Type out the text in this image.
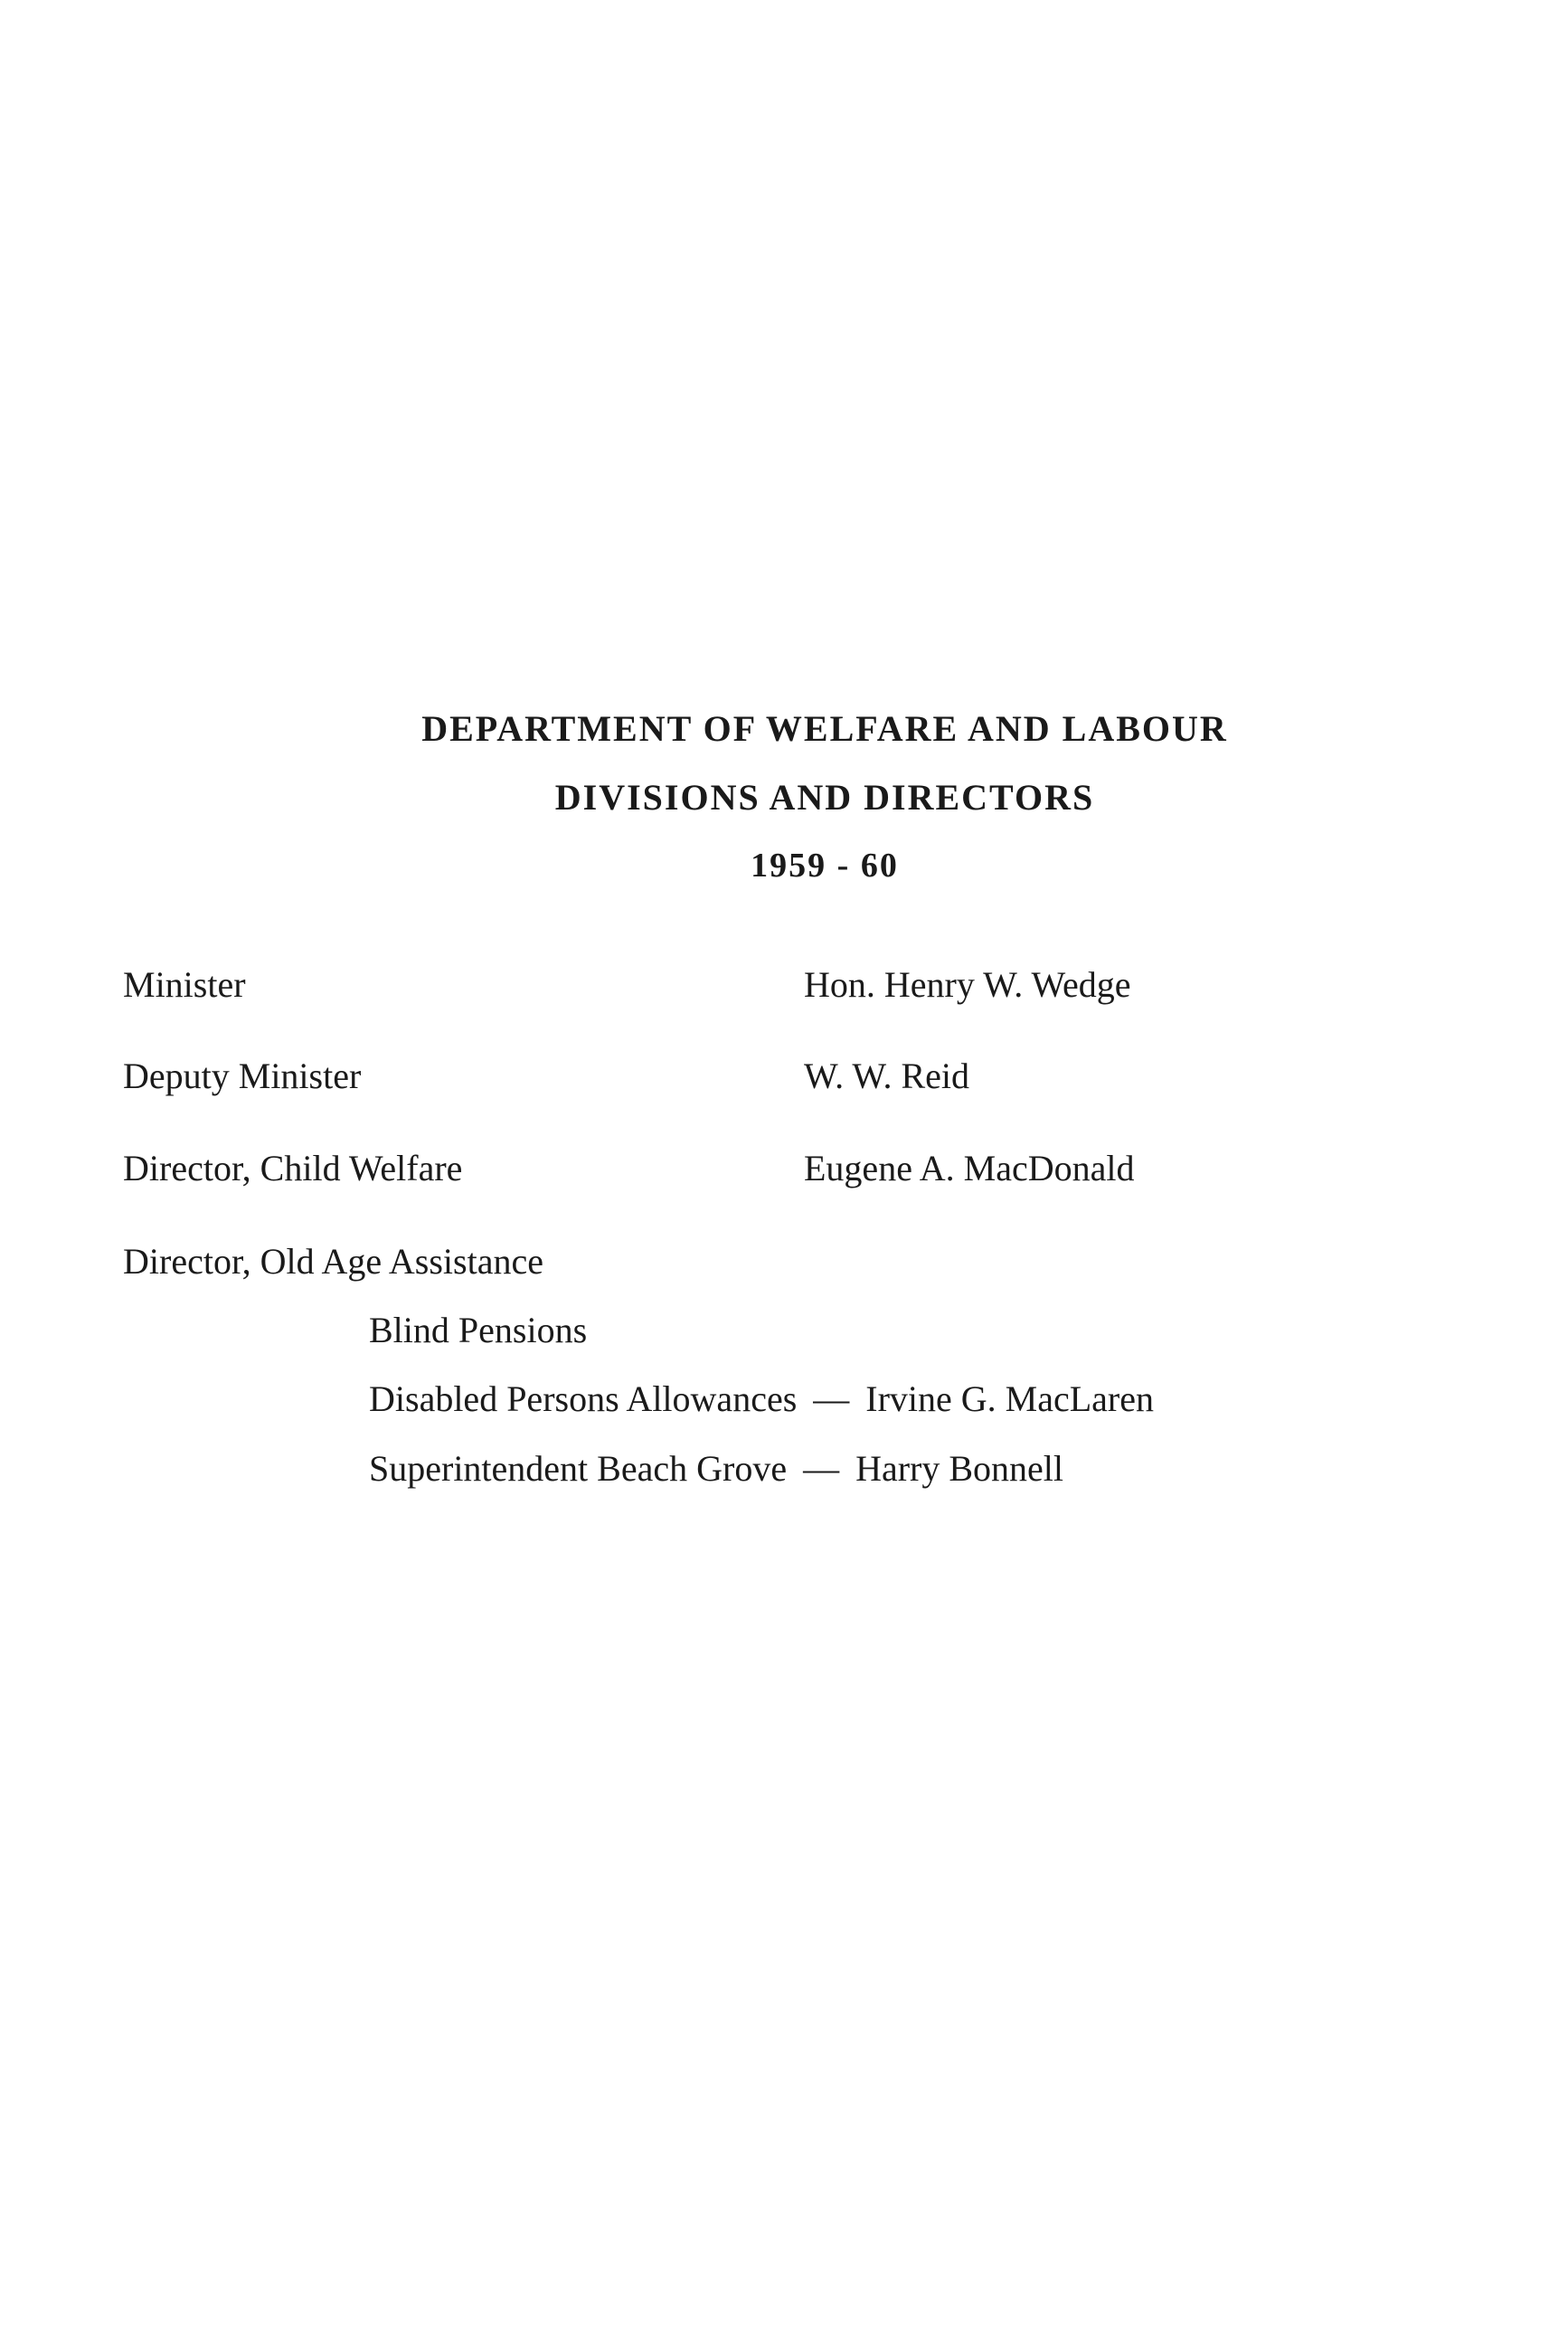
DEPARTMENT OF WELFARE AND LABOUR
DIVISIONS AND DIRECTORS
1959 - 60
Minister	Hon. Henry W. Wedge
Deputy Minister	W. W. Reid
Director, Child Welfare	Eugene A. MacDonald
Director, Old Age Assistance
Blind Pensions
Disabled Persons Allowances — Irvine G. MacLaren
Superintendent Beach Grove — Harry Bonnell
